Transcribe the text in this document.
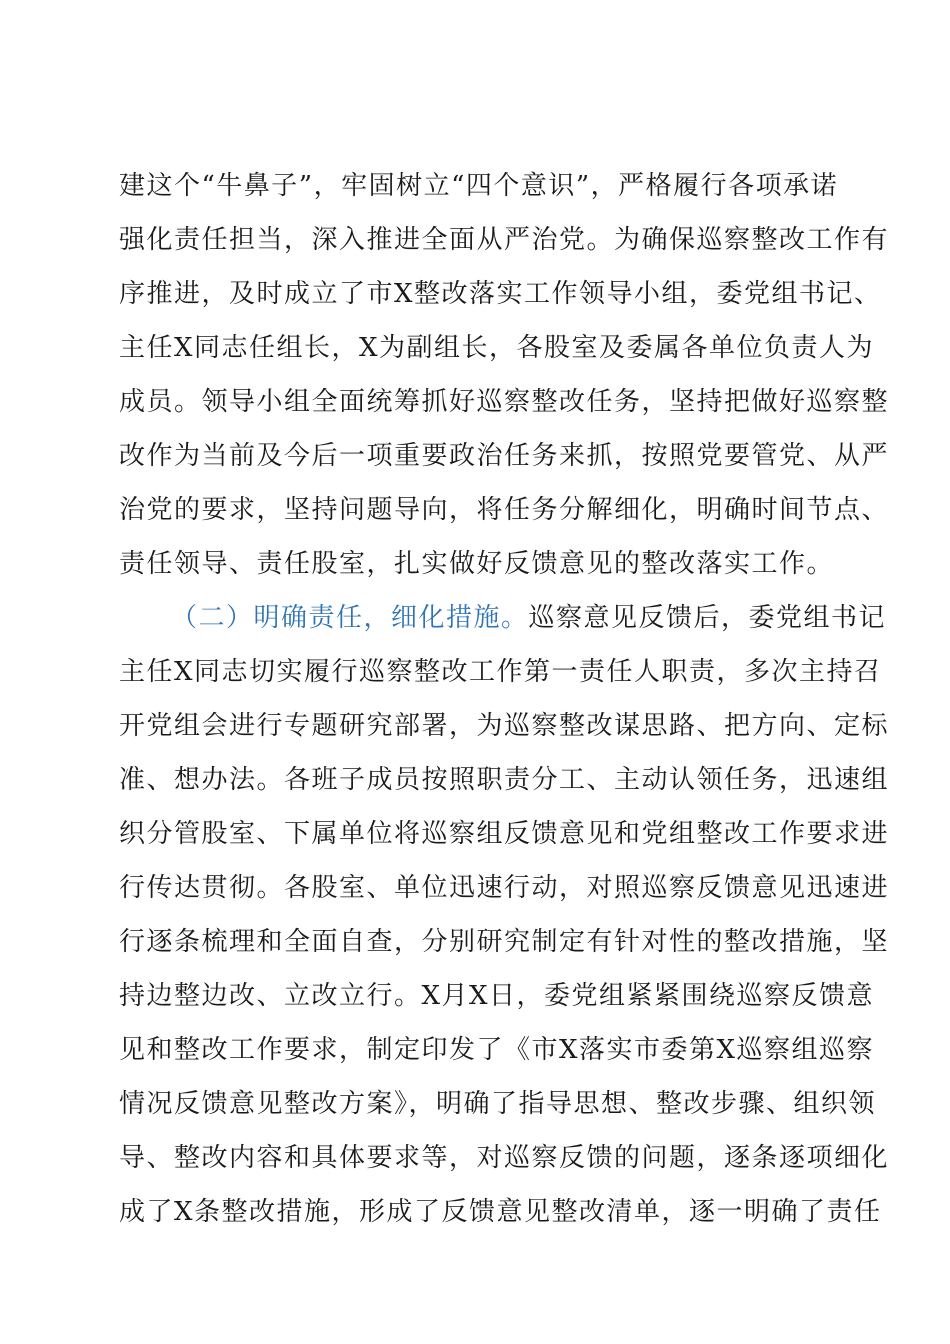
建这个“牛鼻子”，牢固树立“四个意识”，严格履行各项承诺
强化责任担当，深入推进全面从严治党。为确保巡察整改工作有
序推进，及时成立了市X整改落实工作领导小组，委党组书记、
主任X同志任组长，X为副组长，各股室及委属各单位负责人为
成员。领导小组全面统筹抓好巡察整改任务，坚持把做好巡察整
改作为当前及今后一项重要政治任务来抓，按照党要管党、从严
治党的要求，坚持问题导向，将任务分解细化，明确时间节点、
责任领导、责任股室，扎实做好反馈意见的整改落实工作。
（二）明确责任，细化措施。巡察意见反馈后，委党组书记
主任X同志切实履行巡察整改工作第一责任人职责，多次主持召
开党组会进行专题研究部署，为巡察整改谋思路、把方向、定标
准、想办法。各班子成员按照职责分工、主动认领任务，迅速组
织分管股室、下属单位将巡察组反馈意见和党组整改工作要求进
行传达贯彻。各股室、单位迅速行动，对照巡察反馈意见迅速进
行逐条梳理和全面自查，分别研究制定有针对性的整改措施，坚
持边整边改、立改立行。X月X日，委党组紧紧围绕巡察反馈意
见和整改工作要求，制定印发了《市X落实市委第X巡察组巡察
情况反馈意见整改方案》，明确了指导思想、整改步骤、组织领
导、整改内容和具体要求等，对巡察反馈的问题，逐条逐项细化
成了X条整改措施，形成了反馈意见整改清单，逐一明确了责任
